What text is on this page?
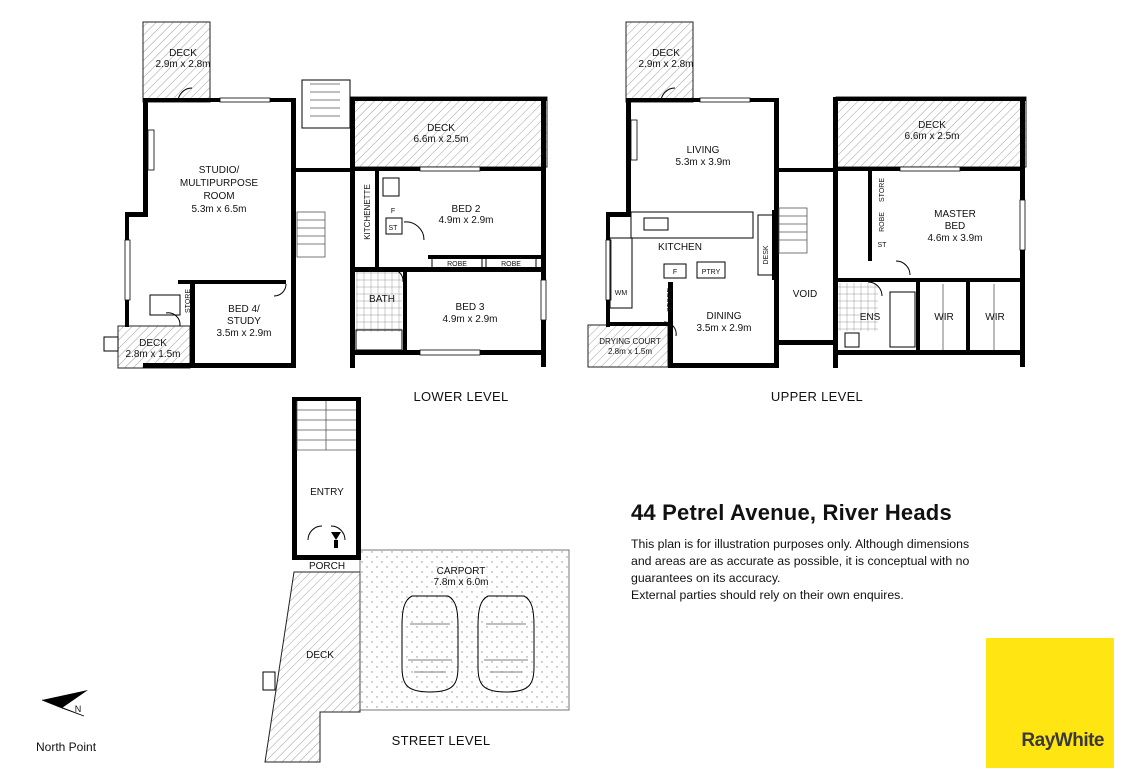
DECK
2.9m x 2.8m
STUDIO/
MULTIPURPOSE
ROOM
5.3m x 6.5m
DECK
6.6m x 2.5m
KITCHENETTE	F
ST
BED 2
4.9m x 2.9m
ROBE	ROBE
BATH
BED 3
4.9m x 2.9m
STORE	BED 4/
STUDY
3.5m x 2.9m
DECK
2.8m x 1.5m
LOWER LEVEL
DECK
2.9m x 2.8m
LIVING
5.3m x 3.9m
DECK
6.6m x 2.5m
KITCHEN
F	PTRY
DESK
WM	STORE
DINING
3.5m x 2.9m
DRYING COURT
2.8m x 1.5m
VOID
STORE
ROBE
ST
MASTER
BED
4.6m x 3.9m
ENS	WIR	WIR
UPPER LEVEL
ENTRY
PORCH	CARPORT
7.8m x 6.0m
DECK
STREET LEVEL
N
44 Petrel Avenue, River Heads

This plan is for illustration purposes only. Although dimensions

and areas are as accurate as possible, it is conceptual with no

guarantees on its accuracy.

External parties should rely on their own enquires.

North Point	RayWhite
